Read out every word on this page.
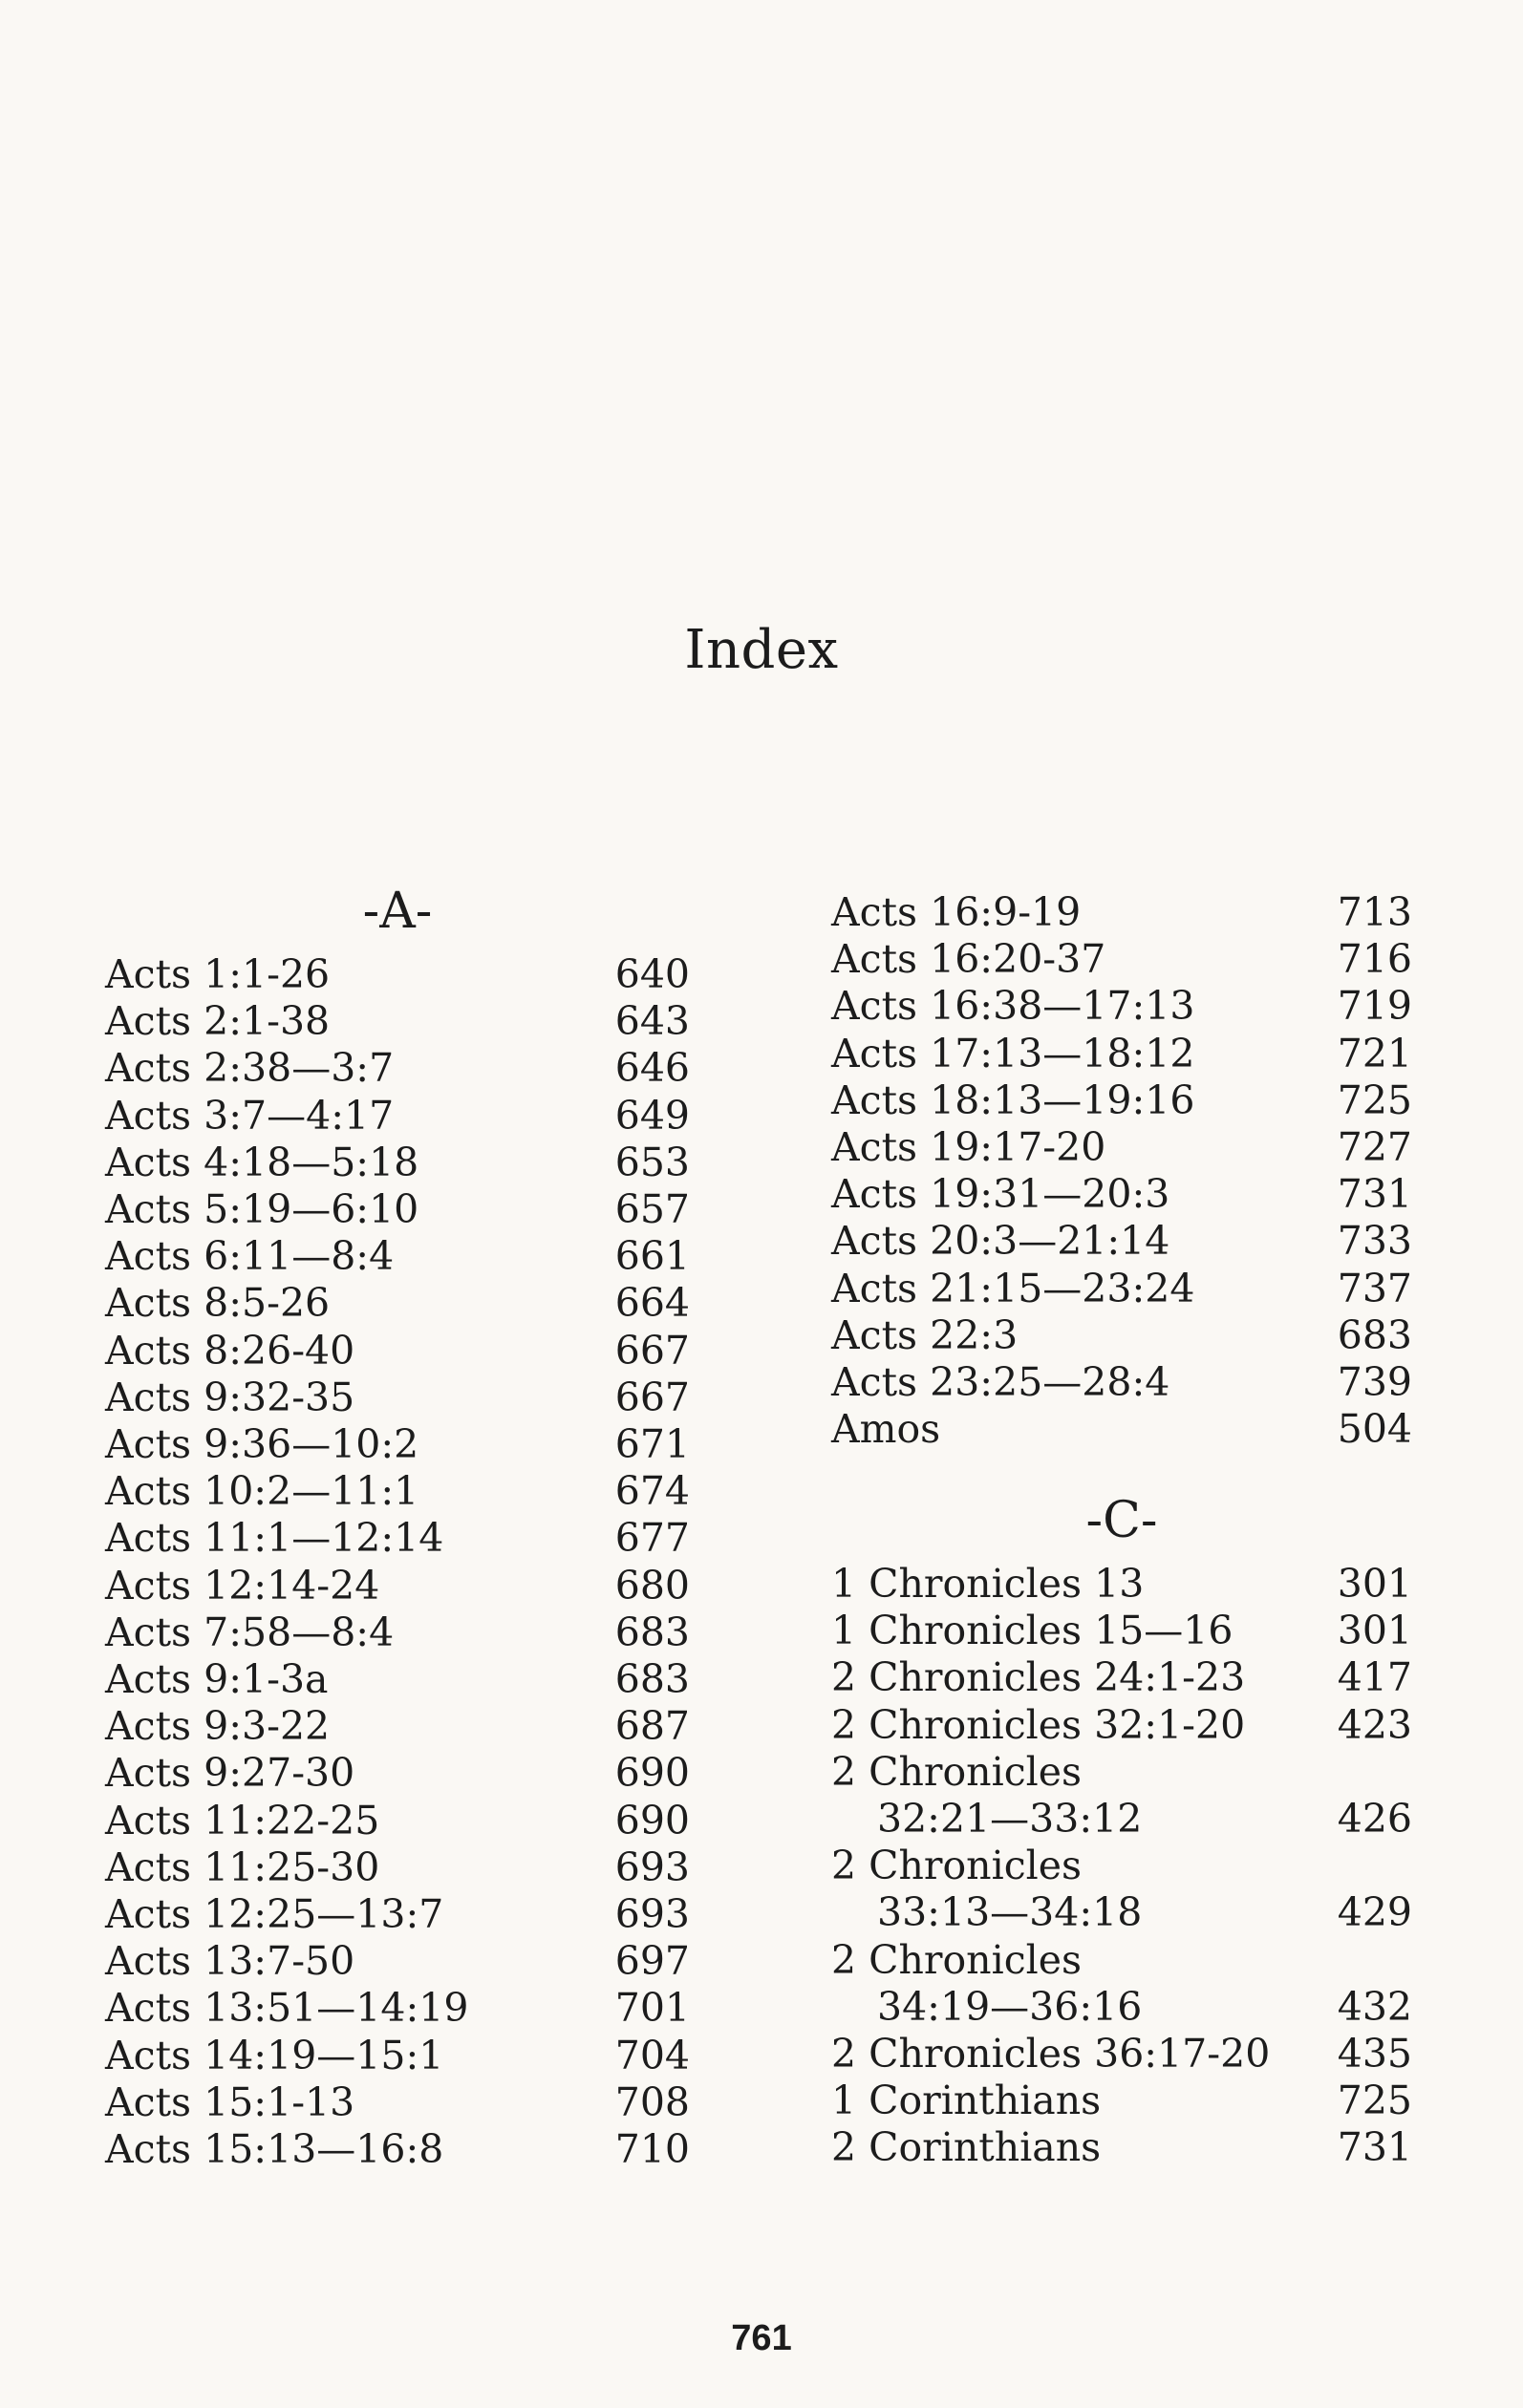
Index
-A-
Acts 1:1-26	640
Acts 2:1-38	643
Acts 2:38—3:7	646
Acts 3:7—4:17	649
Acts 4:18—5:18	653
Acts 5:19—6:10	657
Acts 6:11—8:4	661
Acts 8:5-26	664
Acts 8:26-40	667
Acts 9:32-35	667
Acts 9:36—10:2	671
Acts 10:2—11:1	674
Acts 11:1—12:14	677
Acts 12:14-24	680
Acts 7:58—8:4	683
Acts 9:1-3a	683
Acts 9:3-22	687
Acts 9:27-30	690
Acts 11:22-25	690
Acts 11:25-30	693
Acts 12:25—13:7	693
Acts 13:7-50	697
Acts 13:51—14:19	701
Acts 14:19—15:1	704
Acts 15:1-13	708
Acts 15:13—16:8	710
-C-
Acts 16:9-19	713
Acts 16:20-37	716
Acts 16:38—17:13	719
Acts 17:13—18:12	721
Acts 18:13—19:16	725
Acts 19:17-20	727
Acts 19:31—20:3	731
Acts 20:3—21:14	733
Acts 21:15—23:24	737
Acts 22:3	683
Acts 23:25—28:4	739
Amos	504
1 Chronicles 13	301
1 Chronicles 15—16	301
2 Chronicles 24:1-23 417
2 Chronicles 32:1-20 423
2 Chronicles
32:21—33:12	426
2 Chronicles
33:13—34:18	429
2 Chronicles
34:19—36:16	432
2 Chronicles 36:17-20 435
1 Corinthians	725
2 Corinthians	731
761
